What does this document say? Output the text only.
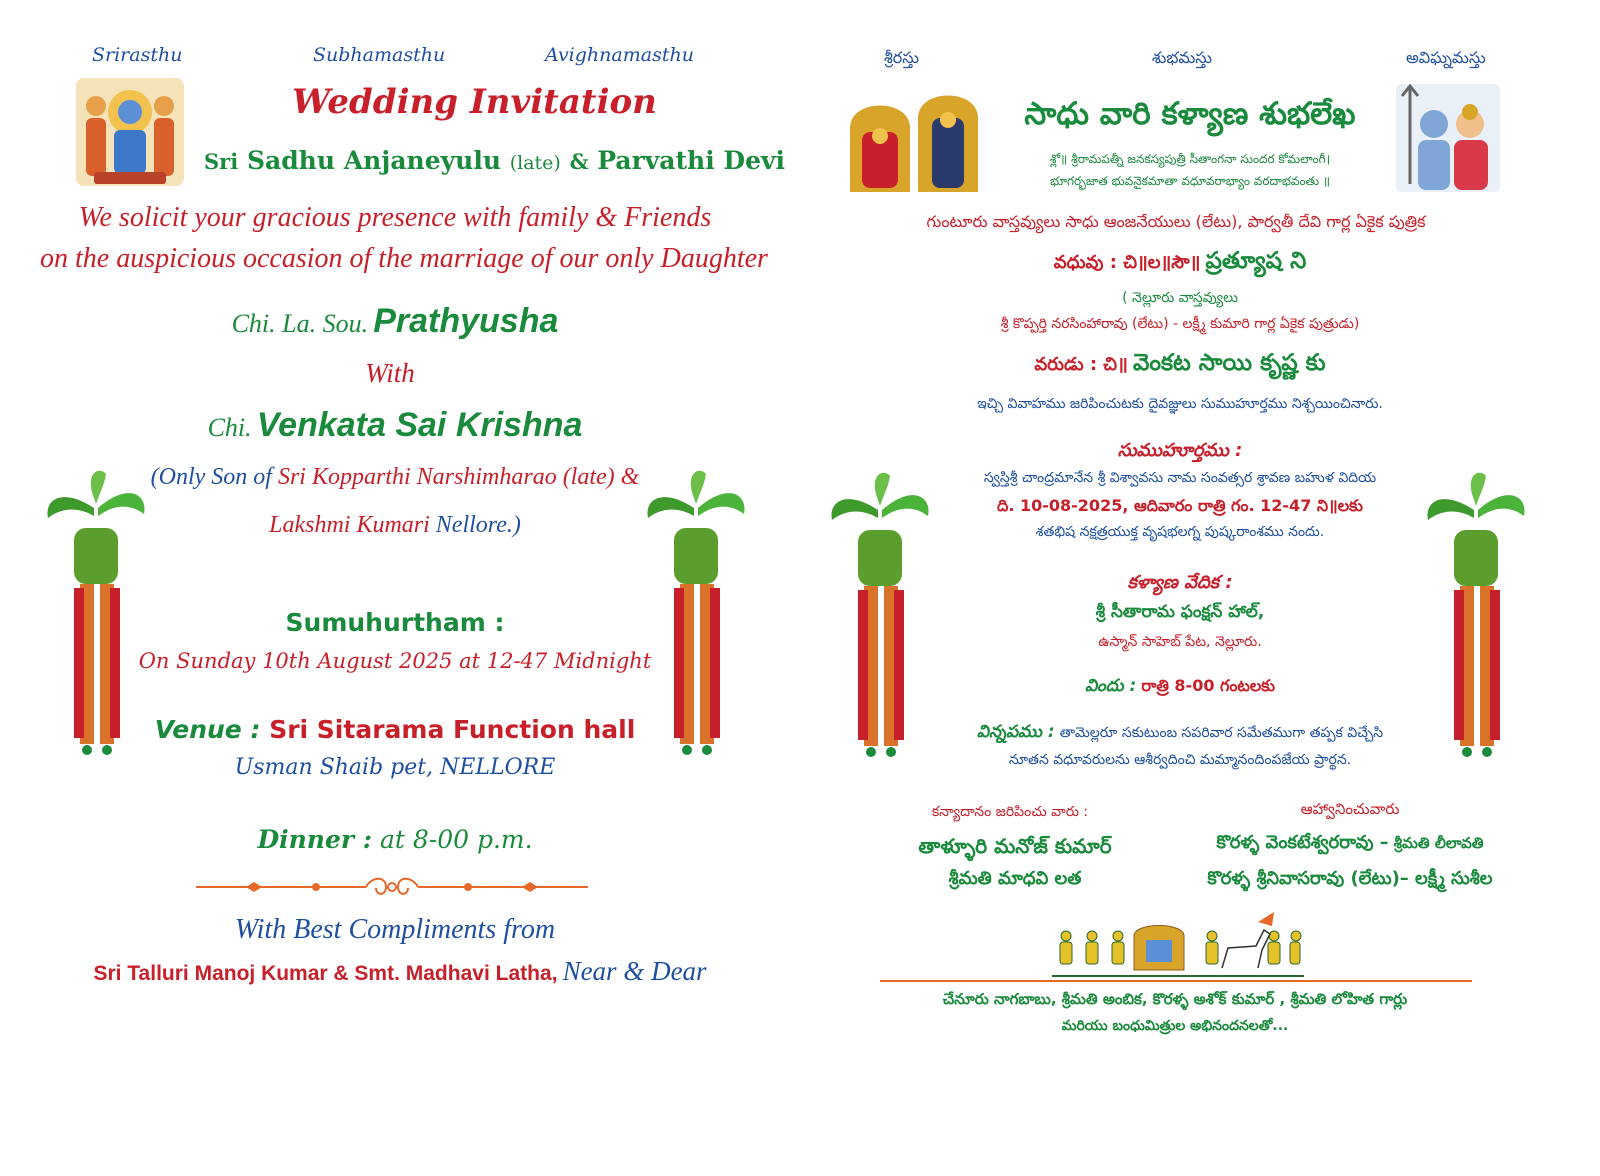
Srirasthu	Subhamasthu	Avighnamasthu
Wedding Invitation
Sri Sadhu Anjaneyulu (late) & Parvathi Devi
We solicit your gracious presence with family & Friends
on the auspicious occasion of the marriage of our only Daughter
Chi. La. Sou. Prathyusha
With
Chi. Venkata Sai Krishna
(Only Son of Sri Kopparthi Narshimharao (late) &
Lakshmi Kumari Nellore.)
Sumuhurtham :
On Sunday 10th August 2025 at 12-47 Midnight
Venue : Sri Sitarama Function hall
Usman Shaib pet, NELLORE
Dinner : at 8-00 p.m.
With Best Compliments from
Sri Talluri Manoj Kumar & Smt. Madhavi Latha, Near & Dear
శ్రీరస్తు	శుభమస్తు	అవిఘ్నమస్తు
సాధు వారి కళ్యాణ శుభలేఖ
శ్లో॥ శ్రీరామపత్నీ జనకస్యపుత్రీ సీతాంగనా సుందర కోమలాంగీ।
భూగర్భజాత భువనైకమాతా వధూవరాభ్యాం వరదాభవంతు ॥
గుంటూరు వాస్తవ్యులు సాధు ఆంజనేయులు (లేటు), పార్వతీ దేవి గార్ల ఏకైక పుత్రిక
వధువు : చి॥ల॥సౌ॥ ప్రత్యూష ని
( నెల్లూరు వాస్తవ్యులు
శ్రీ కొప్పర్తి నరసింహారావు (లేటు) - లక్ష్మీ కుమారి గార్ల ఏకైక పుత్రుడు)
వరుడు : చి॥ వెంకట సాయి కృష్ణ కు
ఇచ్చి వివాహము జరిపించుటకు దైవజ్ఞులు సుముహూర్తము నిశ్చయించినారు.
సుముహూర్తము :
స్వస్తిశ్రీ చాంద్రమానేన శ్రీ విశ్వావసు నామ సంవత్సర శ్రావణ బహుళ విదియ
ది. 10-08-2025, ఆదివారం రాత్రి గం. 12-47 ని॥లకు
శతభిష నక్షత్రయుక్త వృషభలగ్న పుష్కరాంశము నందు.
కళ్యాణ వేదిక :
శ్రీ సీతారామ ఫంక్షన్ హాల్,
ఉస్మాన్ సాహెబ్ పేట, నెల్లూరు.
విందు : రాత్రి 8-00 గంటలకు
విన్నపము : తామెల్లరూ సకుటుంబ సపరివార సమేతముగా తప్పక విచ్చేసి
నూతన వధూవరులను ఆశీర్వదించి మమ్మానందింపజేయ ప్రార్థన.
కన్యాదానం జరిపించు వారు :
తాళ్ళూరి మనోజ్ కుమార్
శ్రీమతి మాధవి లత
ఆహ్వానించువారు
కొరళ్ళ వెంకటేశ్వరరావు – శ్రీమతి లీలావతి
కొరళ్ళ శ్రీనివాసరావు (లేటు)– లక్ష్మీ సుశీల
చేనూరు నాగబాబు, శ్రీమతి అంబిక, కొరళ్ళ అశోక్ కుమార్ , శ్రీమతి లోహిత గార్లు
మరియు బంధుమిత్రుల అభినందనలతో...
